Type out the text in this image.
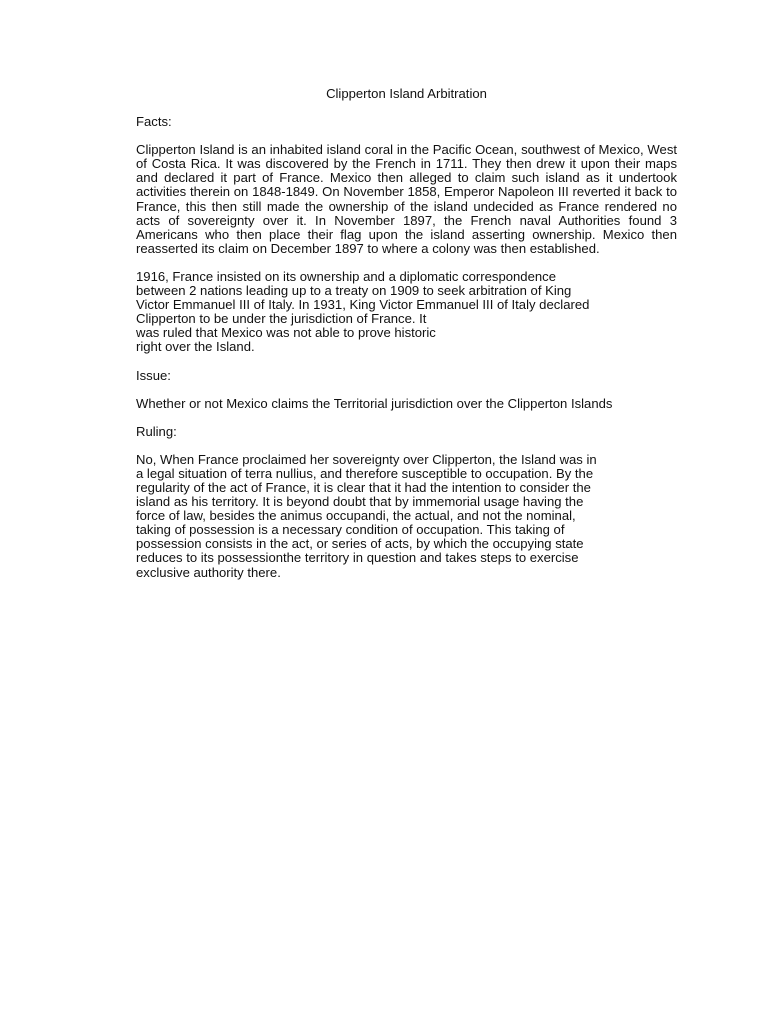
Clipperton Island Arbitration
Facts:
Clipperton Island is an inhabited island coral in the Pacific Ocean, southwest of Mexico, West of Costa Rica. It was discovered by the French in 1711. They then drew it upon their maps and declared it part of France. Mexico then alleged to claim such island as it undertook activities therein on 1848-1849. On November 1858, Emperor Napoleon III reverted it back to France, this then still made the ownership of the island undecided as France rendered no acts of sovereignty over it. In November 1897, the French naval Authorities found 3 Americans who then place their flag upon the island asserting ownership. Mexico then reasserted its claim on December 1897 to where a colony was then established.
1916, France insisted on its ownership and a diplomatic correspondence
between 2 nations leading up to a treaty on 1909 to seek arbitration of King
Victor Emmanuel III of Italy. In 1931, King Victor Emmanuel III of Italy declared
Clipperton to be under the jurisdiction of France. It
was ruled that Mexico was not able to prove historic
right over the Island.
Issue:
Whether or not Mexico claims the Territorial jurisdiction over the Clipperton Islands
Ruling:
No, When France proclaimed her sovereignty over Clipperton, the Island was in
a legal situation of terra nullius, and therefore susceptible to occupation. By the
regularity of the act of France, it is clear that it had the intention to consider the
island as his territory. It is beyond doubt that by immemorial usage having the
force of law, besides the animus occupandi, the actual, and not the nominal,
taking of possession is a necessary condition of occupation. This taking of
possession consists in the act, or series of acts, by which the occupying state
reduces to its possessionthe territory in question and takes steps to exercise
exclusive authority there.
